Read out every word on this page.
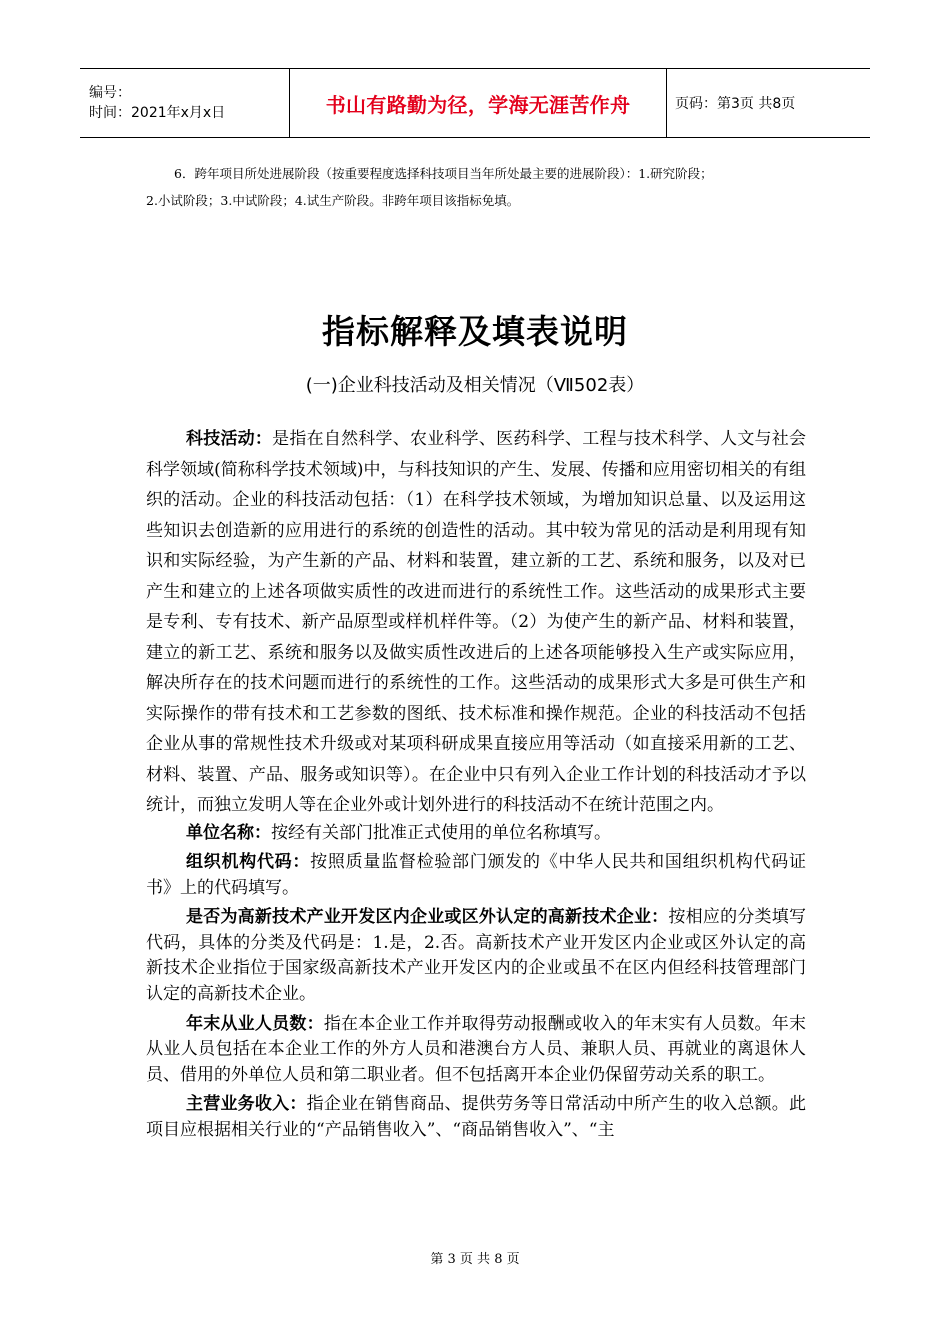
编号：
时间：2021年x月x日	书山有路勤为径，学海无涯苦作舟	页码：第3页 共8页

6．跨年项目所处进展阶段（按重要程度选择科技项目当年所处最主要的进展阶段）：1.研究阶段；

2.小试阶段；3.中试阶段；4.试生产阶段。非跨年项目该指标免填。

指标解释及填表说明
(一)企业科技活动及相关情况（Ⅶ502表）

科技活动：是指在自然科学、农业科学、医药科学、工程与技术科学、人文与社会科学领域(简称科学技术领域)中，与科技知识的产生、发展、传播和应用密切相关的有组织的活动。企业的科技活动包括：（1）在科学技术领域，为增加知识总量、以及运用这些知识去创造新的应用进行的系统的创造性的活动。其中较为常见的活动是利用现有知识和实际经验，为产生新的产品、材料和装置，建立新的工艺、系统和服务，以及对已产生和建立的上述各项做实质性的改进而进行的系统性工作。这些活动的成果形式主要是专利、专有技术、新产品原型或样机样件等。（2）为使产生的新产品、材料和装置，建立的新工艺、系统和服务以及做实质性改进后的上述各项能够投入生产或实际应用，解决所存在的技术问题而进行的系统性的工作。这些活动的成果形式大多是可供生产和实际操作的带有技术和工艺参数的图纸、技术标准和操作规范。企业的科技活动不包括企业从事的常规性技术升级或对某项科研成果直接应用等活动（如直接采用新的工艺、材料、装置、产品、服务或知识等）。在企业中只有列入企业工作计划的科技活动才予以统计，而独立发明人等在企业外或计划外进行的科技活动不在统计范围之内。

单位名称：按经有关部门批准正式使用的单位名称填写。

组织机构代码：按照质量监督检验部门颁发的《中华人民共和国组织机构代码证书》上的代码填写。

是否为高新技术产业开发区内企业或区外认定的高新技术企业：按相应的分类填写代码，具体的分类及代码是：1.是，2.否。高新技术产业开发区内企业或区外认定的高新技术企业指位于国家级高新技术产业开发区内的企业或虽不在区内但经科技管理部门认定的高新技术企业。

年末从业人员数：指在本企业工作并取得劳动报酬或收入的年末实有人员数。年末从业人员包括在本企业工作的外方人员和港澳台方人员、兼职人员、再就业的离退休人员、借用的外单位人员和第二职业者。但不包括离开本企业仍保留劳动关系的职工。

主营业务收入：指企业在销售商品、提供劳务等日常活动中所产生的收入总额。此项目应根据相关行业的“产品销售收入”、“商品销售收入”、“主

第 3 页 共 8 页
